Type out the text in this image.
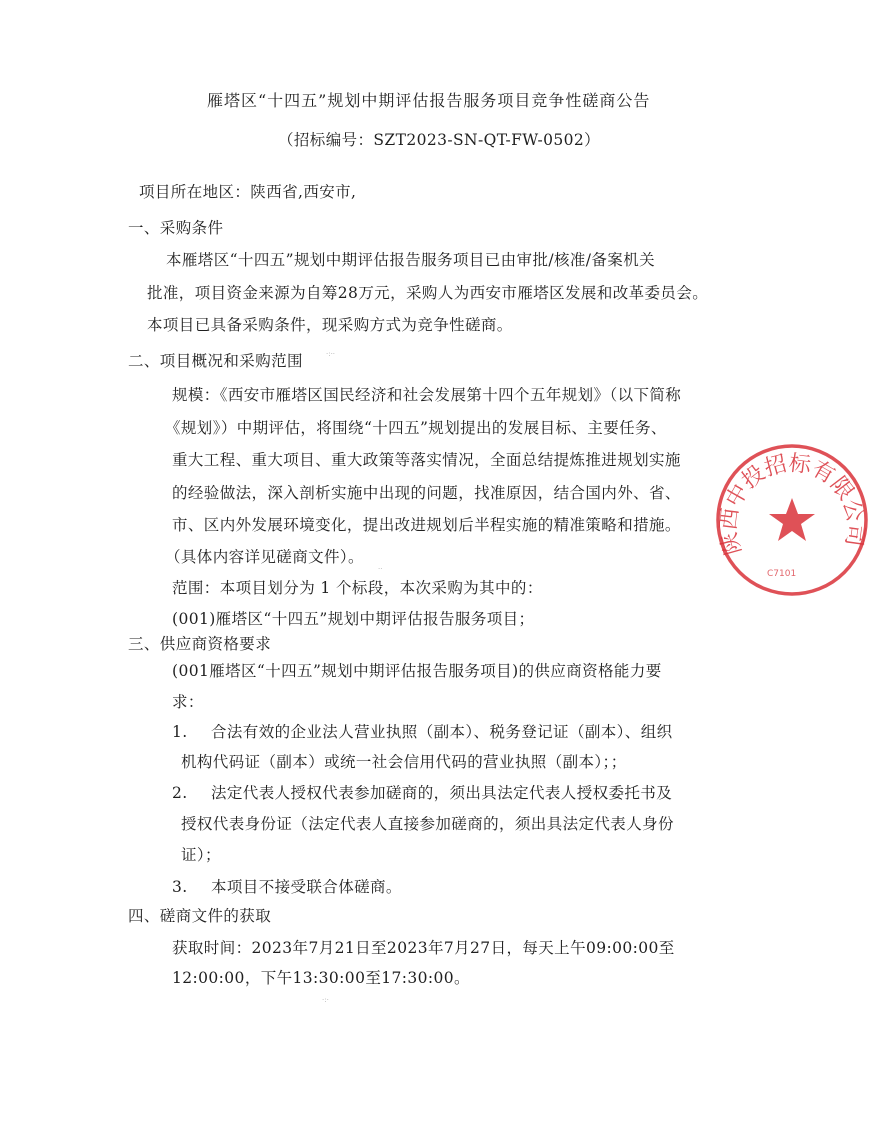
雁塔区“十四五”规划中期评估报告服务项目竞争性磋商公告
（招标编号：SZT2023-SN-QT-FW-0502）
项目所在地区：陕西省,西安市,
一、采购条件
本雁塔区“十四五”规划中期评估报告服务项目已由审批/核准/备案机关
批准，项目资金来源为自筹28万元，采购人为西安市雁塔区发展和改革委员会。
本项目已具备采购条件，现采购方式为竞争性磋商。
二、项目概况和采购范围
规模：《西安市雁塔区国民经济和社会发展第十四个五年规划》（以下简称
《规划》）中期评估，将围绕“十四五”规划提出的发展目标、主要任务、
重大工程、重大项目、重大政策等落实情况，全面总结提炼推进规划实施
的经验做法，深入剖析实施中出现的问题，找准原因，结合国内外、省、
市、区内外发展环境变化，提出改进规划后半程实施的精准策略和措施。
（具体内容详见磋商文件）。
范围：本项目划分为 1 个标段，本次采购为其中的：
(001)雁塔区“十四五”规划中期评估报告服务项目；
三、供应商资格要求
(001雁塔区“十四五”规划中期评估报告服务项目)的供应商资格能力要
求：
1. 合法有效的企业法人营业执照（副本）、税务登记证（副本）、组织
机构代码证（副本）或统一社会信用代码的营业执照（副本）；；
2. 法定代表人授权代表参加磋商的，须出具法定代表人授权委托书及
授权代表身份证（法定代表人直接参加磋商的，须出具法定代表人身份
证）；
3. 本项目不接受联合体磋商。
四、磋商文件的获取
获取时间：2023年7月21日至2023年7月27日，每天上午09:00:00至
12:00:00，下午13:30:00至17:30:00。
·:··
··
·:·
陕西中投招标有限公司
C7101
